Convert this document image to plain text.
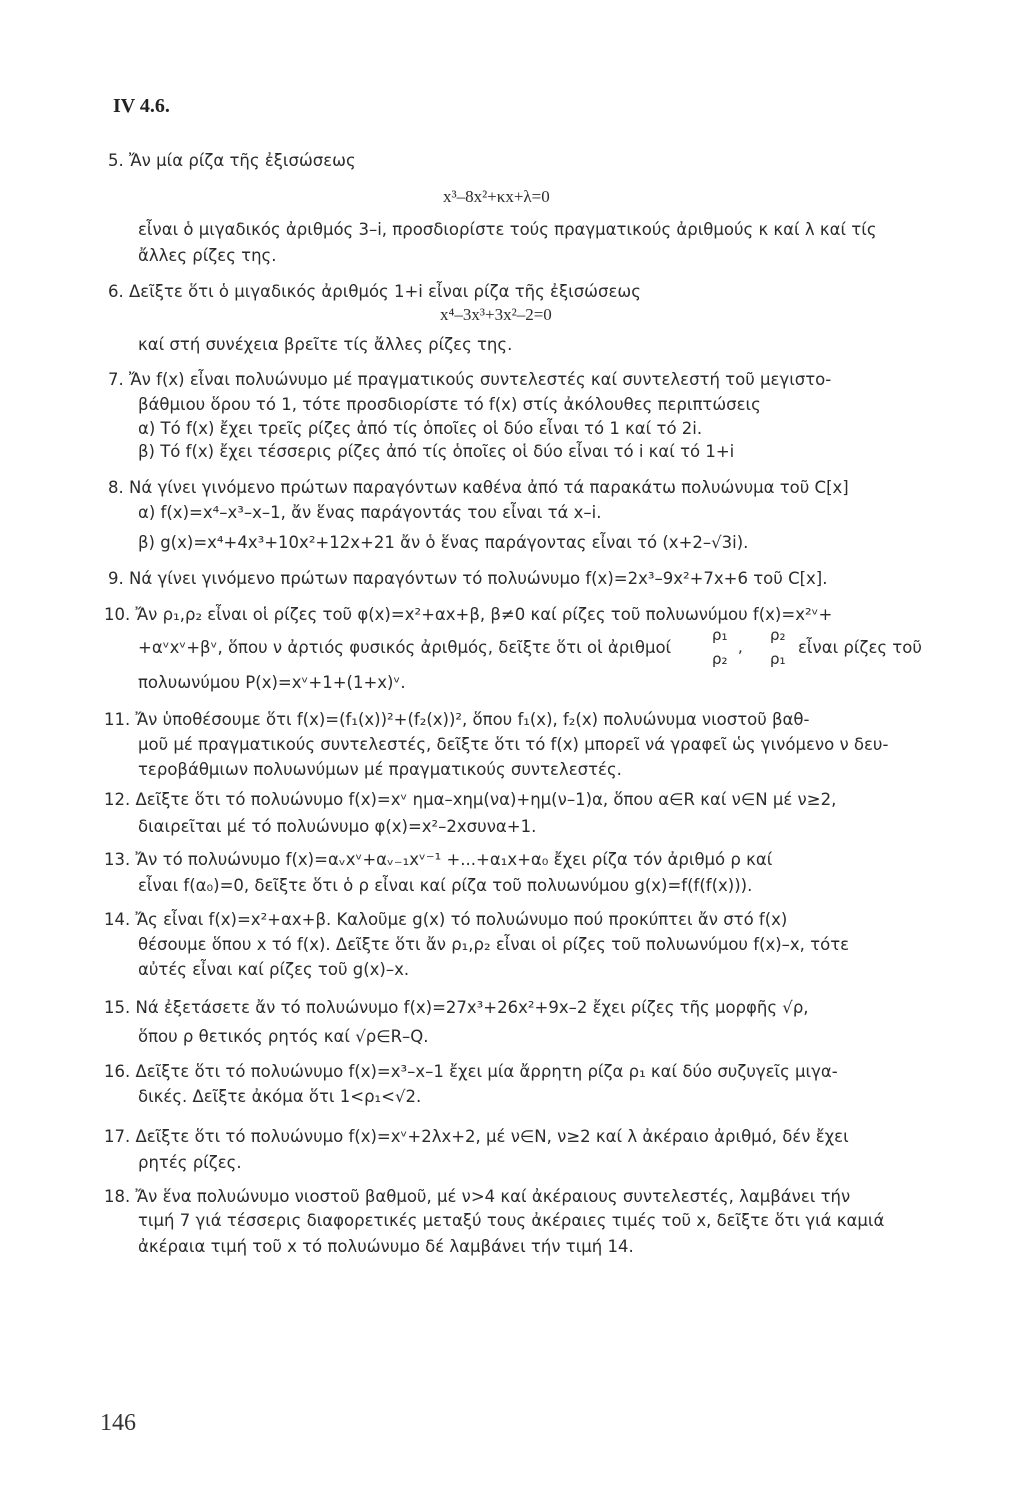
IV 4.6.
5. Ἄν μία ρίζα τῆς ἐξισώσεως
x³–8x²+κx+λ=0
εἶναι ὁ μιγαδικός ἀριθμός 3–i, προσδιορίστε τούς πραγματικούς ἀριθμούς κ καί λ καί τίς
ἄλλες ρίζες της.
6. Δεῖξτε ὅτι ὁ μιγαδικός ἀριθμός 1+i εἶναι ρίζα τῆς ἐξισώσεως
x⁴–3x³+3x²–2=0
καί στή συνέχεια βρεῖτε τίς ἄλλες ρίζες της.
7. Ἄν f(x) εἶναι πολυώνυμο μέ πραγματικούς συντελεστές καί συντελεστή τοῦ μεγιστο-
βάθμιου ὅρου τό 1, τότε προσδιορίστε τό f(x) στίς ἀκόλουθες περιπτώσεις
α) Τό f(x) ἔχει τρεῖς ρίζες ἀπό τίς ὁποῖες οἱ δύο εἶναι τό 1 καί τό 2i.
β) Τό f(x) ἔχει τέσσερις ρίζες ἀπό τίς ὁποῖες οἱ δύο εἶναι τό i καί τό 1+i
8. Νά γίνει γινόμενο πρώτων παραγόντων καθένα ἀπό τά παρακάτω πολυώνυμα τοῦ C[x]
α) f(x)=x⁴–x³–x–1, ἄν ἕνας παράγοντάς του εἶναι τά x–i.
β) g(x)=x⁴+4x³+10x²+12x+21 ἄν ὁ ἕνας παράγοντας εἶναι τό (x+2–√3i).
9. Νά γίνει γινόμενο πρώτων παραγόντων τό πολυώνυμο f(x)=2x³–9x²+7x+6 τοῦ C[x].
10. Ἄν ρ₁,ρ₂ εἶναι οἱ ρίζες τοῦ φ(x)=x²+αx+β, β≠0 καί ρίζες τοῦ πολυωνύμου f(x)=x²ᵛ+
+αᵛxᵛ+βᵛ, ὅπου ν ἀρτιός φυσικός ἀριθμός, δεῖξτε ὅτι οἱ ἀριθμοί
ρ₁
ρ₂
,
ρ₂
ρ₁
εἶναι ρίζες τοῦ
πολυωνύμου P(x)=xᵛ+1+(1+x)ᵛ.
11. Ἄν ὑποθέσουμε ὅτι f(x)=(f₁(x))²+(f₂(x))², ὅπου f₁(x), f₂(x) πολυώνυμα νιοστοῦ βαθ-
μοῦ μέ πραγματικούς συντελεστές, δεῖξτε ὅτι τό f(x) μπορεῖ νά γραφεῖ ὡς γινόμενο ν δευ-
τεροβάθμιων πολυωνύμων μέ πραγματικούς συντελεστές.
12. Δεῖξτε ὅτι τό πολυώνυμο f(x)=xᵛ ημα–xημ(να)+ημ(ν–1)α, ὅπου α∈R καί ν∈N μέ ν≥2,
διαιρεῖται μέ τό πολυώνυμο φ(x)=x²–2xσυνα+1.
13. Ἄν τό πολυώνυμο f(x)=αᵥxᵛ+αᵥ₋₁xᵛ⁻¹ +...+α₁x+α₀ ἔχει ρίζα τόν ἀριθμό ρ καί
εἶναι f(α₀)=0, δεῖξτε ὅτι ὁ ρ εἶναι καί ρίζα τοῦ πολυωνύμου g(x)=f(f(f(x))).
14. Ἄς εἶναι f(x)=x²+αx+β. Καλοῦμε g(x) τό πολυώνυμο πού προκύπτει ἄν στό f(x)
θέσουμε ὅπου x τό f(x). Δεῖξτε ὅτι ἄν ρ₁,ρ₂ εἶναι οἱ ρίζες τοῦ πολυωνύμου f(x)–x, τότε
αὐτές εἶναι καί ρίζες τοῦ g(x)–x.
15. Νά ἐξετάσετε ἄν τό πολυώνυμο f(x)=27x³+26x²+9x–2 ἔχει ρίζες τῆς μορφῆς √ρ,
ὅπου ρ θετικός ρητός καί √ρ∈R–Q.
16. Δεῖξτε ὅτι τό πολυώνυμο f(x)=x³–x–1 ἔχει μία ἄρρητη ρίζα ρ₁ καί δύο συζυγεῖς μιγα-
δικές. Δεῖξτε ἀκόμα ὅτι 1<ρ₁<√2.
17. Δεῖξτε ὅτι τό πολυώνυμο f(x)=xᵛ+2λx+2, μέ ν∈N, ν≥2 καί λ ἀκέραιο ἀριθμό, δέν ἔχει
ρητές ρίζες.
18. Ἄν ἕνα πολυώνυμο νιοστοῦ βαθμοῦ, μέ ν>4 καί ἀκέραιους συντελεστές, λαμβάνει τήν
τιμή 7 γιά τέσσερις διαφορετικές μεταξύ τους ἀκέραιες τιμές τοῦ x, δεῖξτε ὅτι γιά καμιά
ἀκέραια τιμή τοῦ x τό πολυώνυμο δέ λαμβάνει τήν τιμή 14.
146
